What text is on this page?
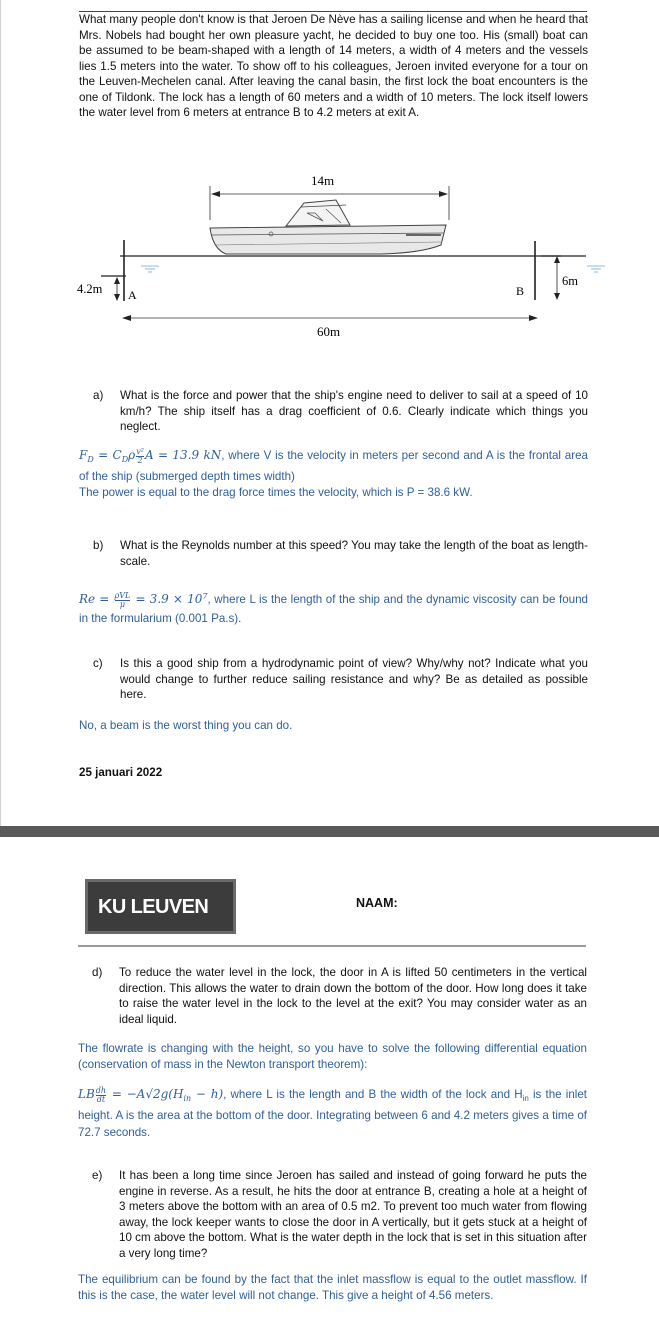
What many people don't know is that Jeroen De Nève has a sailing license and when he heard that Mrs. Nobels had bought her own pleasure yacht, he decided to buy one too. His (small) boat can be assumed to be beam-shaped with a length of 14 meters, a width of 4 meters and the vessels lies 1.5 meters into the water. To show off to his colleagues, Jeroen invited everyone for a tour on the Leuven-Mechelen canal. After leaving the canal basin, the first lock the boat encounters is the one of Tildonk. The lock has a length of 60 meters and a width of 10 meters. The lock itself lowers the water level from 6 meters at entrance B to 4.2 meters at exit A.
14m
4.2m A
6m
B
60m
a)	What is the force and power that the ship's engine need to deliver to sail at a speed of 10 km/h? The ship itself has a drag coefficient of 0.6. Clearly indicate which things you neglect.
$F_D = C_D\rho \frac{\text{v²}}{2}$ A = 13.9 kN, where V is the velocity in meters per second and A is the frontal area of the ship (submerged depth times width)
The power is equal to the drag force times the velocity, which is P = 38.6 kW.
b)	What is the Reynolds number at this speed? You may take the length of the boat as length-scale.
Re = ρVL
$\mu = 3.9 \times 10^7$, where L is the length of the ship and the dynamic viscosity can be found in the formularium (0.001 Pa.s).
c)	Is this a good ship from a hydrodynamic point of view? Why/why not? Indicate what you would change to further reduce sailing resistance and why? Be as detailed as possible here.
No, a beam is the worst thing you can do.
25 januari 2022
KU LEUVEN	NAAM:
d)	To reduce the water level in the lock, the door in A is lifted 50 centimeters in the vertical direction. This allows the water to drain down the bottom of the door. How long does it take to raise the water level in the lock to the level at the exit? You may consider water as an ideal liquid.
The flowrate is changing with the height, so you have to solve the following differential equation (conservation of mass in the Newton transport theorem):
LB $\frac{dh}{dt} = -A√2g(H_{in} - h)$, where L is the length and B the width of the lock and $H_{in}$ is the inlet height. A is the area at the bottom of the door. Integrating between 6 and 4.2 meters gives a time of 72.7 seconds.
e)	It has been a long time since Jeroen has sailed and instead of going forward he puts the engine in reverse. As a result, he hits the door at entrance B, creating a hole at a height of 3 meters above the bottom with an area of 0.5 m2. To prevent too much water from flowing away, the lock keeper wants to close the door in A vertically, but it gets stuck at a height of 10 cm above the bottom. What is the water depth in the lock that is set in this situation after a very long time?
The equilibrium can be found by the fact that the inlet massflow is equal to the outlet massflow. If this is the case, the water level will not change. This give a height of 4.56 meters.
